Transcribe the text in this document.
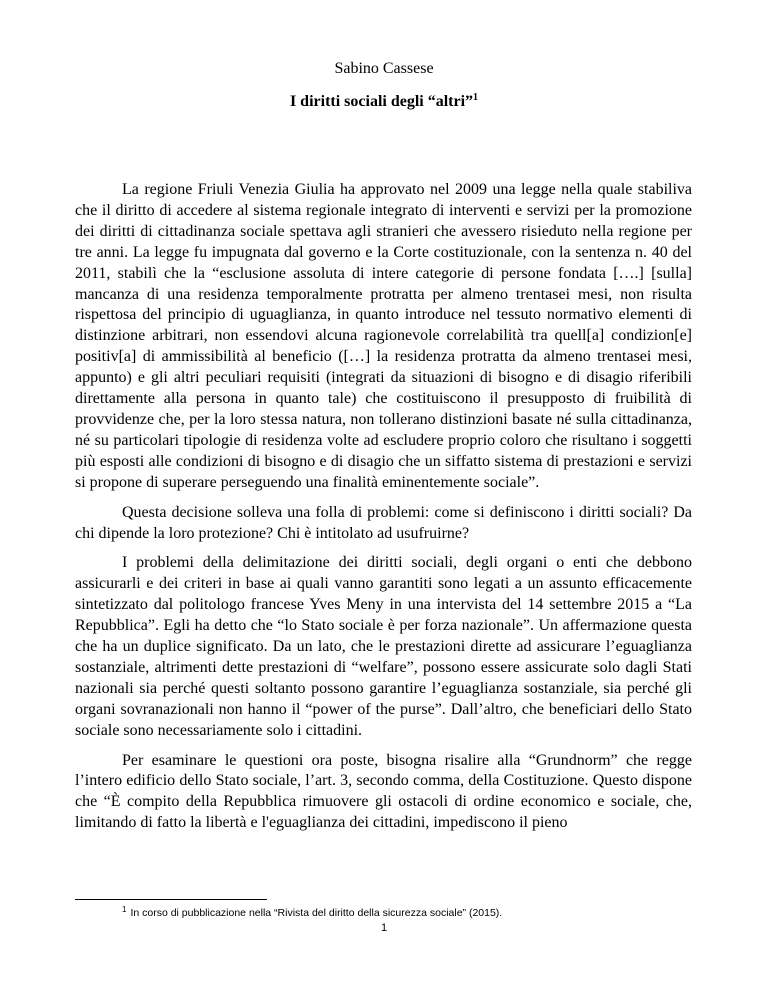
Sabino Cassese
I diritti sociali degli “altri”$^1$

La regione Friuli Venezia Giulia ha approvato nel 2009 una legge nella quale stabiliva che il diritto di accedere al sistema regionale integrato di interventi e servizi per la promozione dei diritti di cittadinanza sociale spettava agli stranieri che avessero risieduto nella regione per tre anni. La legge fu impugnata dal governo e la Corte costituzionale, con la sentenza n. 40 del 2011, stabilì che la “esclusione assoluta di intere categorie di persone fondata [….] [sulla] mancanza di una residenza temporalmente protratta per almeno trentasei mesi, non risulta rispettosa del principio di uguaglianza, in quanto introduce nel tessuto normativo elementi di distinzione arbitrari, non essendovi alcuna ragionevole correlabilità tra quell[a] condizion[e] positiv[a] di ammissibilità al beneficio ([…] la residenza protratta da almeno trentasei mesi, appunto) e gli altri peculiari requisiti (integrati da situazioni di bisogno e di disagio riferibili direttamente alla persona in quanto tale) che costituiscono il presupposto di fruibilità di provvidenze che, per la loro stessa natura, non tollerano distinzioni basate né sulla cittadinanza, né su particolari tipologie di residenza volte ad escludere proprio coloro che risultano i soggetti più esposti alle condizioni di bisogno e di disagio che un siffatto sistema di prestazioni e servizi si propone di superare perseguendo una finalità eminentemente sociale”.

Questa decisione solleva una folla di problemi: come si definiscono i diritti sociali? Da chi dipende la loro protezione? Chi è intitolato ad usufruirne?

I problemi della delimitazione dei diritti sociali, degli organi o enti che debbono assicurarli e dei criteri in base ai quali vanno garantiti sono legati a un assunto efficacemente sintetizzato dal politologo francese Yves Meny in una intervista del 14 settembre 2015 a “La Repubblica”. Egli ha detto che “lo Stato sociale è per forza nazionale”. Un affermazione questa che ha un duplice significato. Da un lato, che le prestazioni dirette ad assicurare l’eguaglianza sostanziale, altrimenti dette prestazioni di “welfare”, possono essere assicurate solo dagli Stati nazionali sia perché questi soltanto possono garantire l’eguaglianza sostanziale, sia perché gli organi sovranazionali non hanno il “power of the purse”. Dall’altro, che beneficiari dello Stato sociale sono necessariamente solo i cittadini.

Per esaminare le questioni ora poste, bisogna risalire alla “Grundnorm” che regge l’intero edificio dello Stato sociale, l’art. 3, secondo comma, della Costituzione. Questo dispone che “È compito della Repubblica rimuovere gli ostacoli di ordine economico e sociale, che, limitando di fatto la libertà e l'eguaglianza dei cittadini, impediscono il pieno

$^1$ In corso di pubblicazione nella “Rivista del diritto della sicurezza sociale” (2015).
1
